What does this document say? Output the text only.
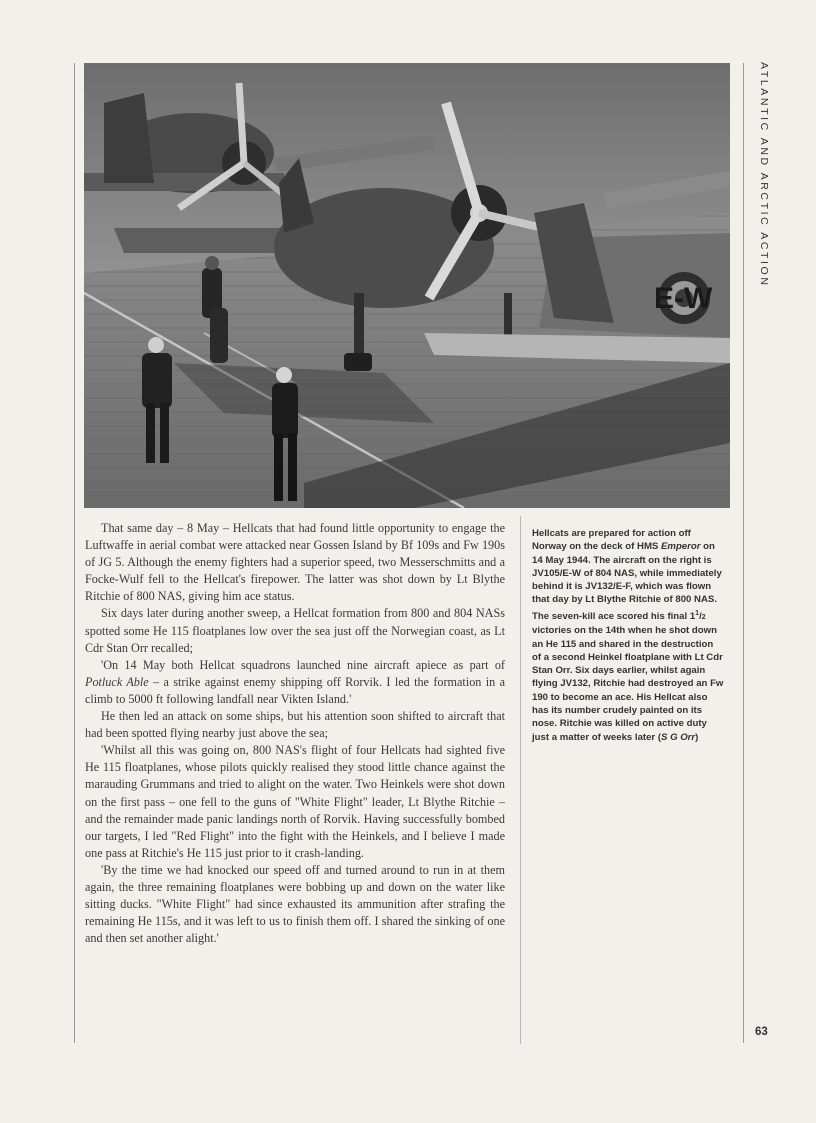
ATLANTIC AND ARCTIC ACTION
E-W

That same day – 8 May – Hellcats that had found little opportunity to engage the Luftwaffe in aerial combat were attacked near Gossen Island by Bf 109s and Fw 190s of JG 5. Although the enemy fighters had a superior speed, two Messerschmitts and a Focke-Wulf fell to the Hellcat's firepower. The latter was shot down by Lt Blythe Ritchie of 800 NAS, giving him ace status.

Six days later during another sweep, a Hellcat formation from 800 and 804 NASs spotted some He 115 floatplanes low over the sea just off the Norwegian coast, as Lt Cdr Stan Orr recalled;

'On 14 May both Hellcat squadrons launched nine aircraft apiece as part of Potluck Able – a strike against enemy shipping off Rorvik. I led the formation in a climb to 5000 ft following landfall near Vikten Island.'

He then led an attack on some ships, but his attention soon shifted to aircraft that had been spotted flying nearby just above the sea;

'Whilst all this was going on, 800 NAS's flight of four Hellcats had sighted five He 115 floatplanes, whose pilots quickly realised they stood little chance against the marauding Grummans and tried to alight on the water. Two Heinkels were shot down on the first pass – one fell to the guns of "White Flight" leader, Lt Blythe Ritchie – and the remainder made panic landings north of Rorvik. Having successfully bombed our targets, I led "Red Flight" into the fight with the Heinkels, and I believe I made one pass at Ritchie's He 115 just prior to it crash-landing.

'By the time we had knocked our speed off and turned around to run in at them again, the three remaining floatplanes were bobbing up and down on the water like sitting ducks. "White Flight" had since exhausted its ammunition after strafing the remaining He 115s, and it was left to us to finish them off. I shared the sinking of one and then set another alight.'

Hellcats are prepared for action off Norway on the deck of HMS Emperor on 14 May 1944. The aircraft on the right is JV105/E-W of 804 NAS, while immediately behind it is JV132/E-F, which was flown that day by Lt Blythe Ritchie of 800 NAS. The seven-kill ace scored his final $1^1/2$ victories on the 14th when he shot down an He 115 and shared in the destruction of a second Heinkel floatplane with Lt Cdr Stan Orr. Six days earlier, whilst again flying JV132, Ritchie had destroyed an Fw 190 to become an ace. His Hellcat also has its number crudely painted on its nose. Ritchie was killed on active duty just a matter of weeks later (S G Orr)
63
